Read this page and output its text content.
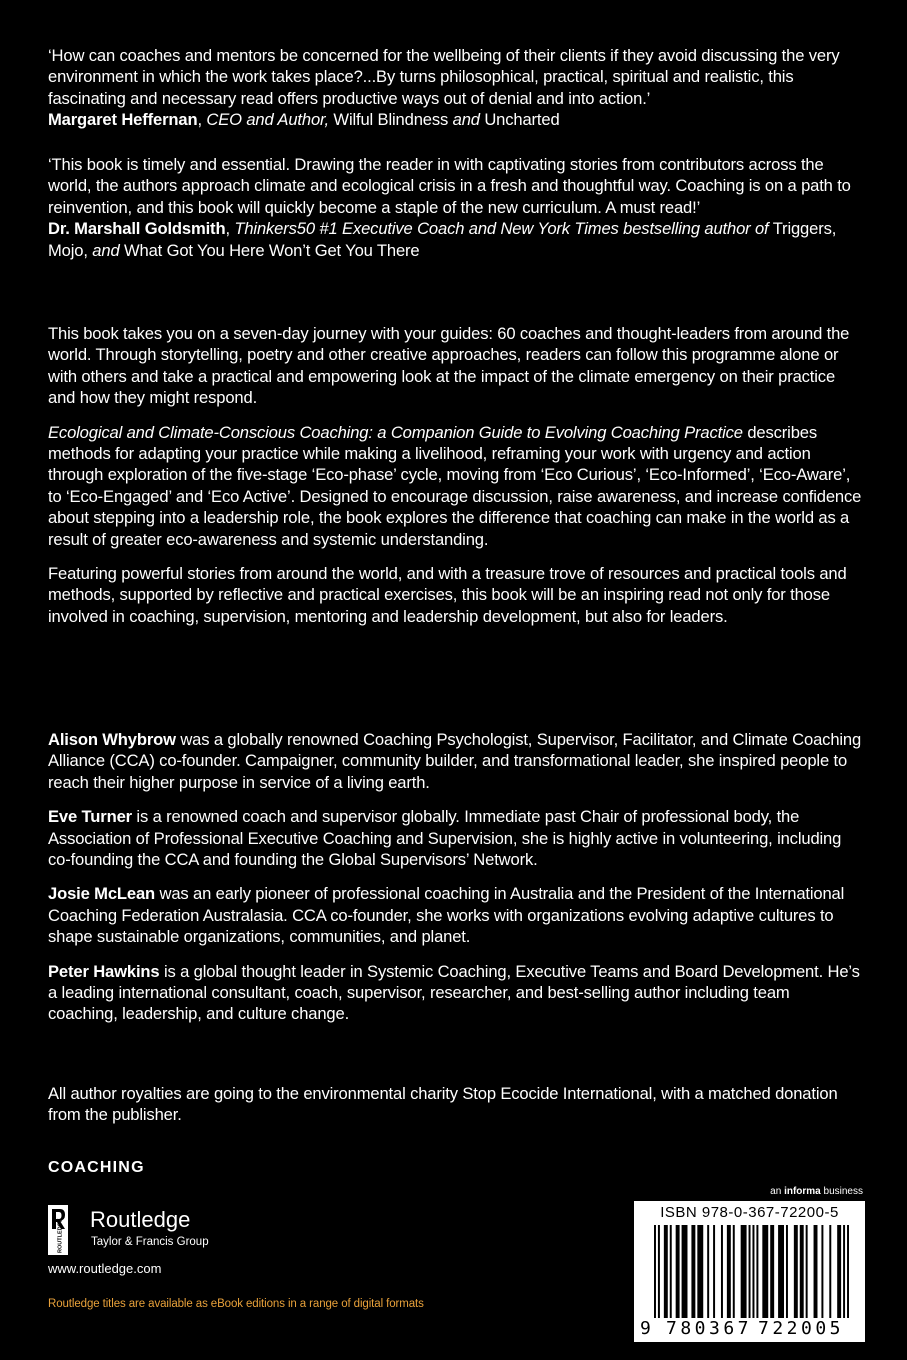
‘How can coaches and mentors be concerned for the wellbeing of their clients if they avoid discussing the very environment in which the work takes place?...By turns philosophical, practical, spiritual and realistic, this fascinating and necessary read offers productive ways out of denial and into action.’

Margaret Heffernan, CEO and Author, Wilful Blindness and Uncharted

‘This book is timely and essential. Drawing the reader in with captivating stories from contributors across the world, the authors approach climate and ecological crisis in a fresh and thoughtful way. Coaching is on a path to reinvention, and this book will quickly become a staple of the new curriculum. A must read!’

Dr. Marshall Goldsmith, Thinkers50 #1 Executive Coach and New York Times bestselling author of Triggers, Mojo, and What Got You Here Won’t Get You There

This book takes you on a seven-day journey with your guides: 60 coaches and thought-leaders from around the world. Through storytelling, poetry and other creative approaches, readers can follow this programme alone or with others and take a practical and empowering look at the impact of the climate emergency on their practice and how they might respond.

Ecological and Climate-Conscious Coaching: a Companion Guide to Evolving Coaching Practice describes methods for adapting your practice while making a livelihood, reframing your work with urgency and action through exploration of the five-stage ‘Eco-phase’ cycle, moving from ‘Eco Curious’, ‘Eco-Informed’, ‘Eco-Aware’, to ‘Eco-Engaged’ and ‘Eco Active’. Designed to encourage discussion, raise awareness, and increase confidence about stepping into a leadership role, the book explores the difference that coaching can make in the world as a result of greater eco-awareness and systemic understanding.

Featuring powerful stories from around the world, and with a treasure trove of resources and practical tools and methods, supported by reflective and practical exercises, this book will be an inspiring read not only for those involved in coaching, supervision, mentoring and leadership development, but also for leaders.

Alison Whybrow was a globally renowned Coaching Psychologist, Supervisor, Facilitator, and Climate Coaching Alliance (CCA) co-founder. Campaigner, community builder, and transformational leader, she inspired people to reach their higher purpose in service of a living earth.

Eve Turner is a renowned coach and supervisor globally. Immediate past Chair of professional body, the Association of Professional Executive Coaching and Supervision, she is highly active in volunteering, including co-founding the CCA and founding the Global Supervisors’ Network.

Josie McLean was an early pioneer of professional coaching in Australia and the President of the International Coaching Federation Australasia. CCA co-founder, she works with organizations evolving adaptive cultures to shape sustainable organizations, communities, and planet.

Peter Hawkins is a global thought leader in Systemic Coaching, Executive Teams and Board Development. He’s a leading international consultant, coach, supervisor, researcher, and best-selling author including team coaching, leadership, and culture change.

All author royalties are going to the environmental charity Stop Ecocide International, with a matched donation from the publisher.

COACHING
ROUTLEDGE Routledge
Taylor & Francis Group
www.routledge.com
Routledge titles are available as eBook editions in a range of digital formats
an informa business
ISBN 978-0-367-72200-5
9 780367 722005
